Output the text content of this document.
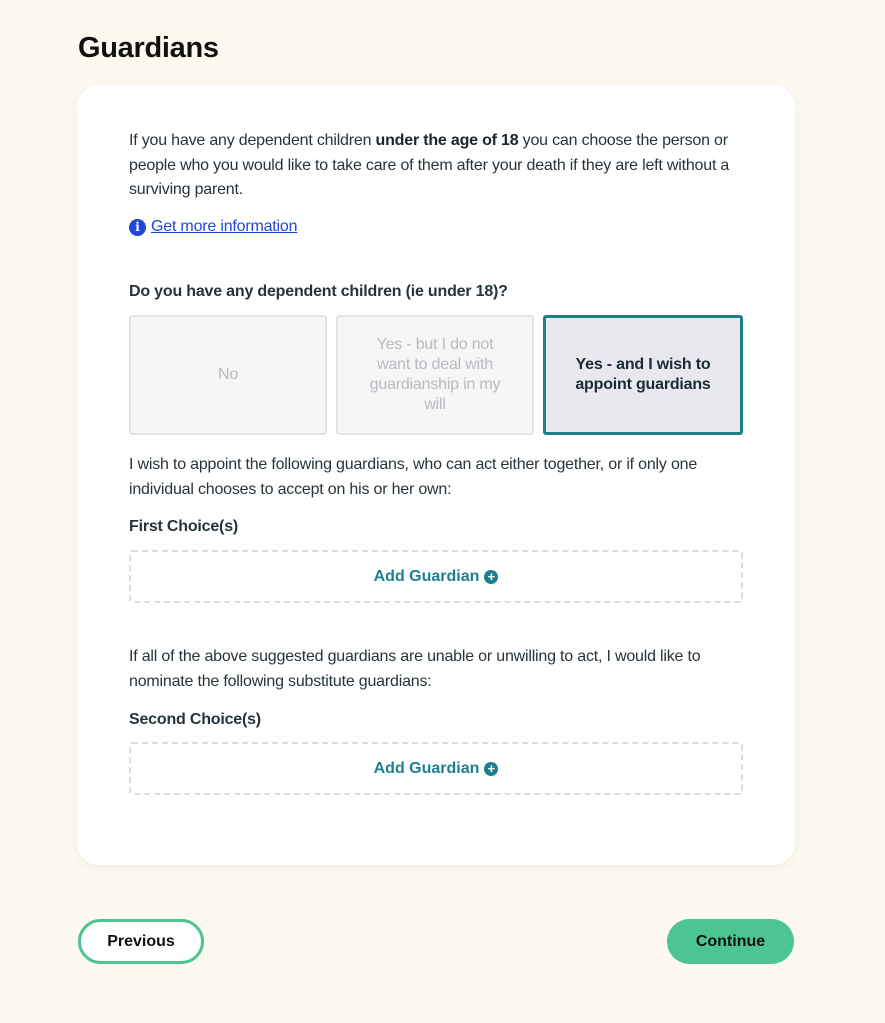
Guardians

If you have any dependent children under the age of 18 you can choose the person or people who you would like to take care of them after your death if they are left without a surviving parent.

i Get more information

Do you have any dependent children (ie under 18)?

No
Yes - but I do not want to deal with guardianship in my will
Yes - and I wish to appoint guardians

I wish to appoint the following guardians, who can act either together, or if only one individual chooses to accept on his or her own:

First Choice(s)

Add Guardian +

If all of the above suggested guardians are unable or unwilling to act, I would like to nominate the following substitute guardians:

Second Choice(s)

Add Guardian +
Previous	Continue
